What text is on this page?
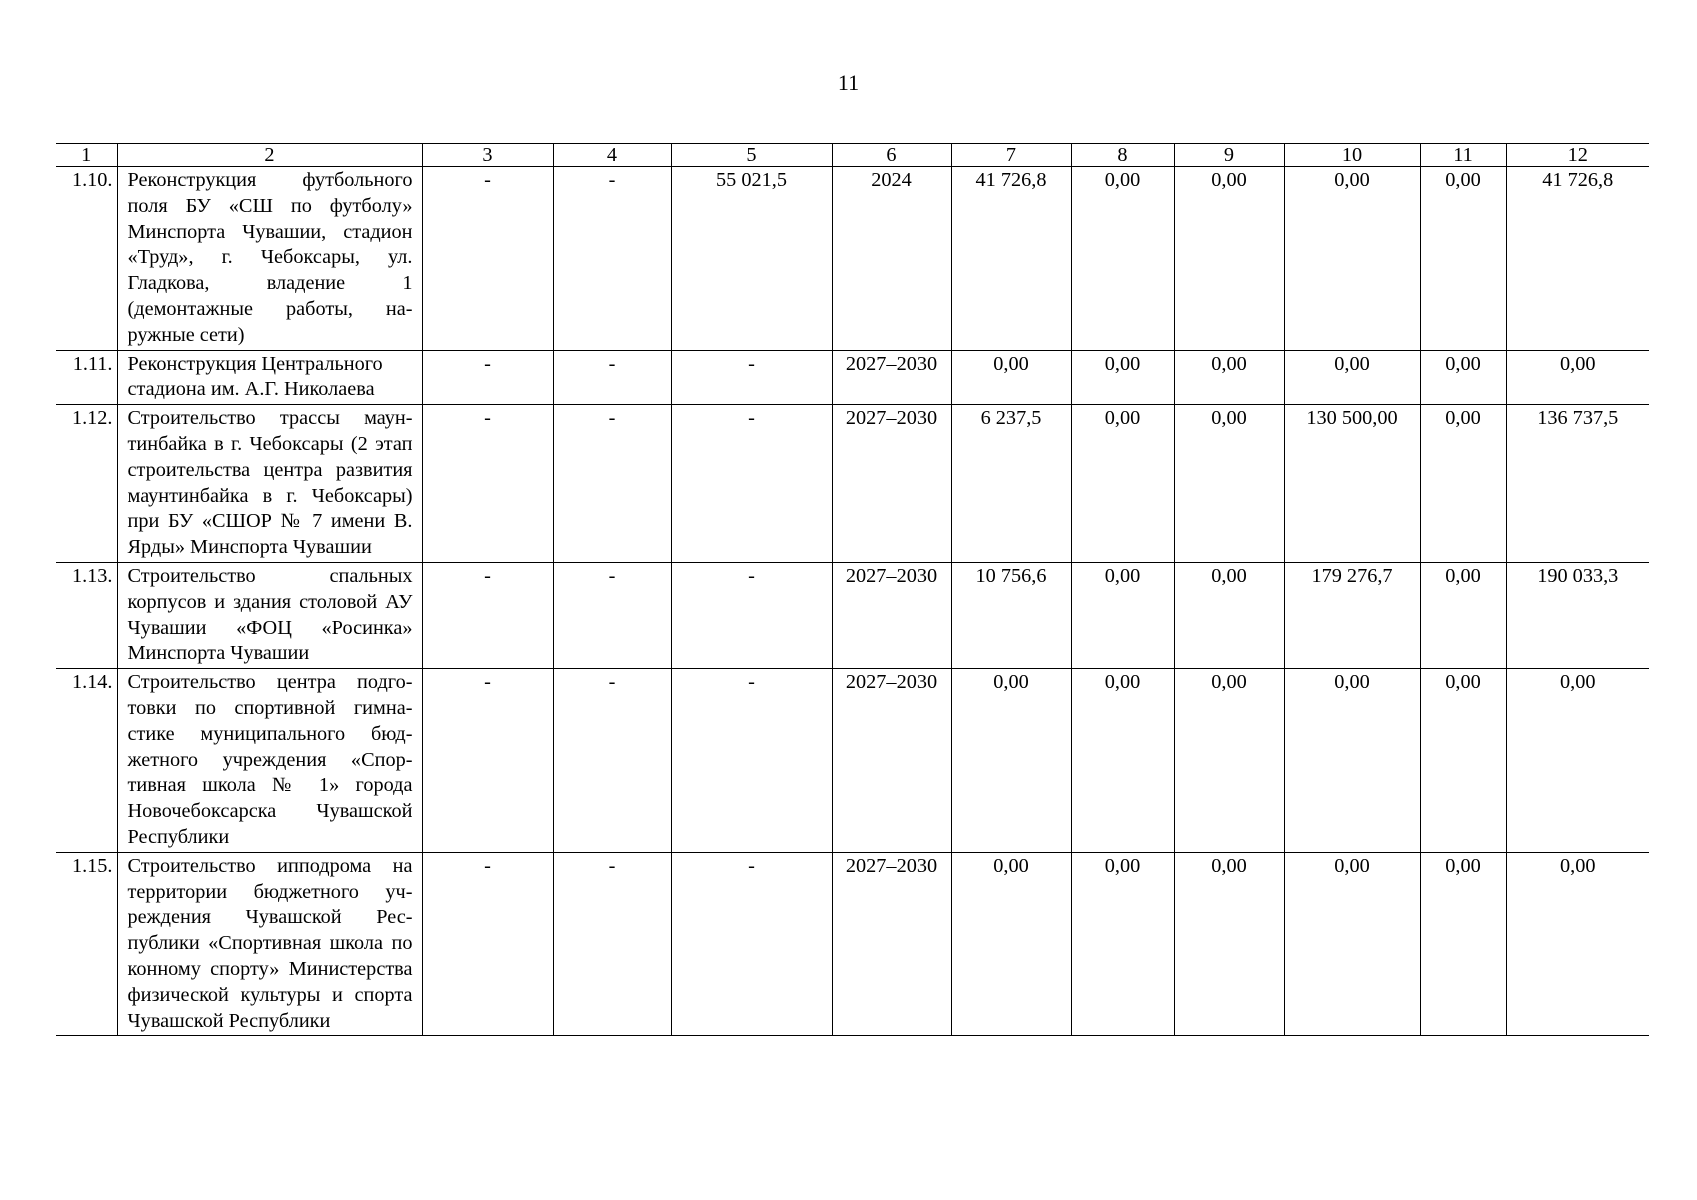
11
1	2	3	4	5	6	7	8	9	10	11	12
1.10.	Реконструкция футбольного поля БУ «СШ по футболу» Минспорта Чувашии, стадион «Труд», г. Чебоксары, ул. Гладкова, владение 1 (демонтажные работы, наружные сети)	-	-	55 021,5	2024	41 726,8	0,00	0,00	0,00	0,00	41 726,8
1.11.	Реконструкция Центрального стадиона им. А.Г. Николаева	-	-	-	2027–2030	0,00	0,00	0,00	0,00	0,00	0,00
1.12.	Строительство трассы маунтинбайка в г. Чебоксары (2 этап строительства центра развития маунтинбайка в г. Чебоксары) при БУ «СШОР № 7 имени В. Ярды» Минспорта Чувашии	-	-	-	2027–2030	6 237,5	0,00	0,00	130 500,00	0,00	136 737,5
1.13.	Строительство спальных корпусов и здания столовой АУ Чувашии «ФОЦ «Росинка» Минспорта Чувашии	-	-	-	2027–2030	10 756,6	0,00	0,00	179 276,7	0,00	190 033,3
1.14.	Строительство центра подготовки по спортивной гимнастике муниципального бюджетного учреждения «Спортивная школа № 1» города Новочебоксарска Чувашской Республики	-	-	-	2027–2030	0,00	0,00	0,00	0,00	0,00	0,00
1.15.	Строительство ипподрома на территории бюджетного учреждения Чувашской Республики «Спортивная школа по конному спорту» Министерства физической культуры и спорта Чувашской Республики	-	-	-	2027–2030	0,00	0,00	0,00	0,00	0,00	0,00
